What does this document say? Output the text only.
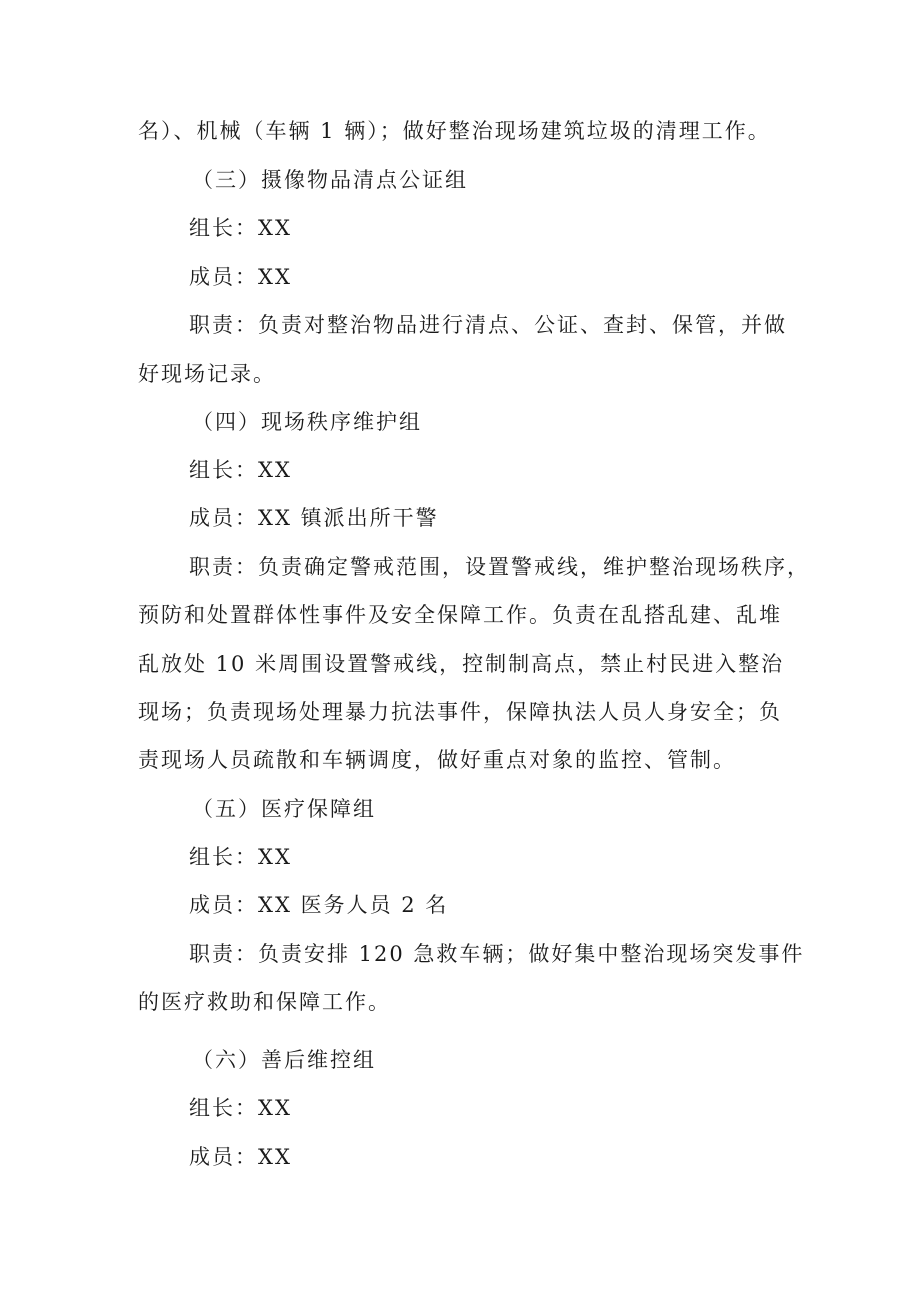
名）、机械（车辆 1 辆）；做好整治现场建筑垃圾的清理工作。
（三）摄像物品清点公证组
组长：XX
成员：XX
职责：负责对整治物品进行清点、公证、查封、保管，并做
好现场记录。
（四）现场秩序维护组
组长：XX
成员：XX 镇派出所干警
职责：负责确定警戒范围，设置警戒线，维护整治现场秩序，
预防和处置群体性事件及安全保障工作。负责在乱搭乱建、乱堆
乱放处 10 米周围设置警戒线，控制制高点，禁止村民进入整治
现场；负责现场处理暴力抗法事件，保障执法人员人身安全；负
责现场人员疏散和车辆调度，做好重点对象的监控、管制。
（五）医疗保障组
组长：XX
成员：XX 医务人员 2 名
职责：负责安排 120 急救车辆；做好集中整治现场突发事件
的医疗救助和保障工作。
（六）善后维控组
组长：XX
成员：XX
